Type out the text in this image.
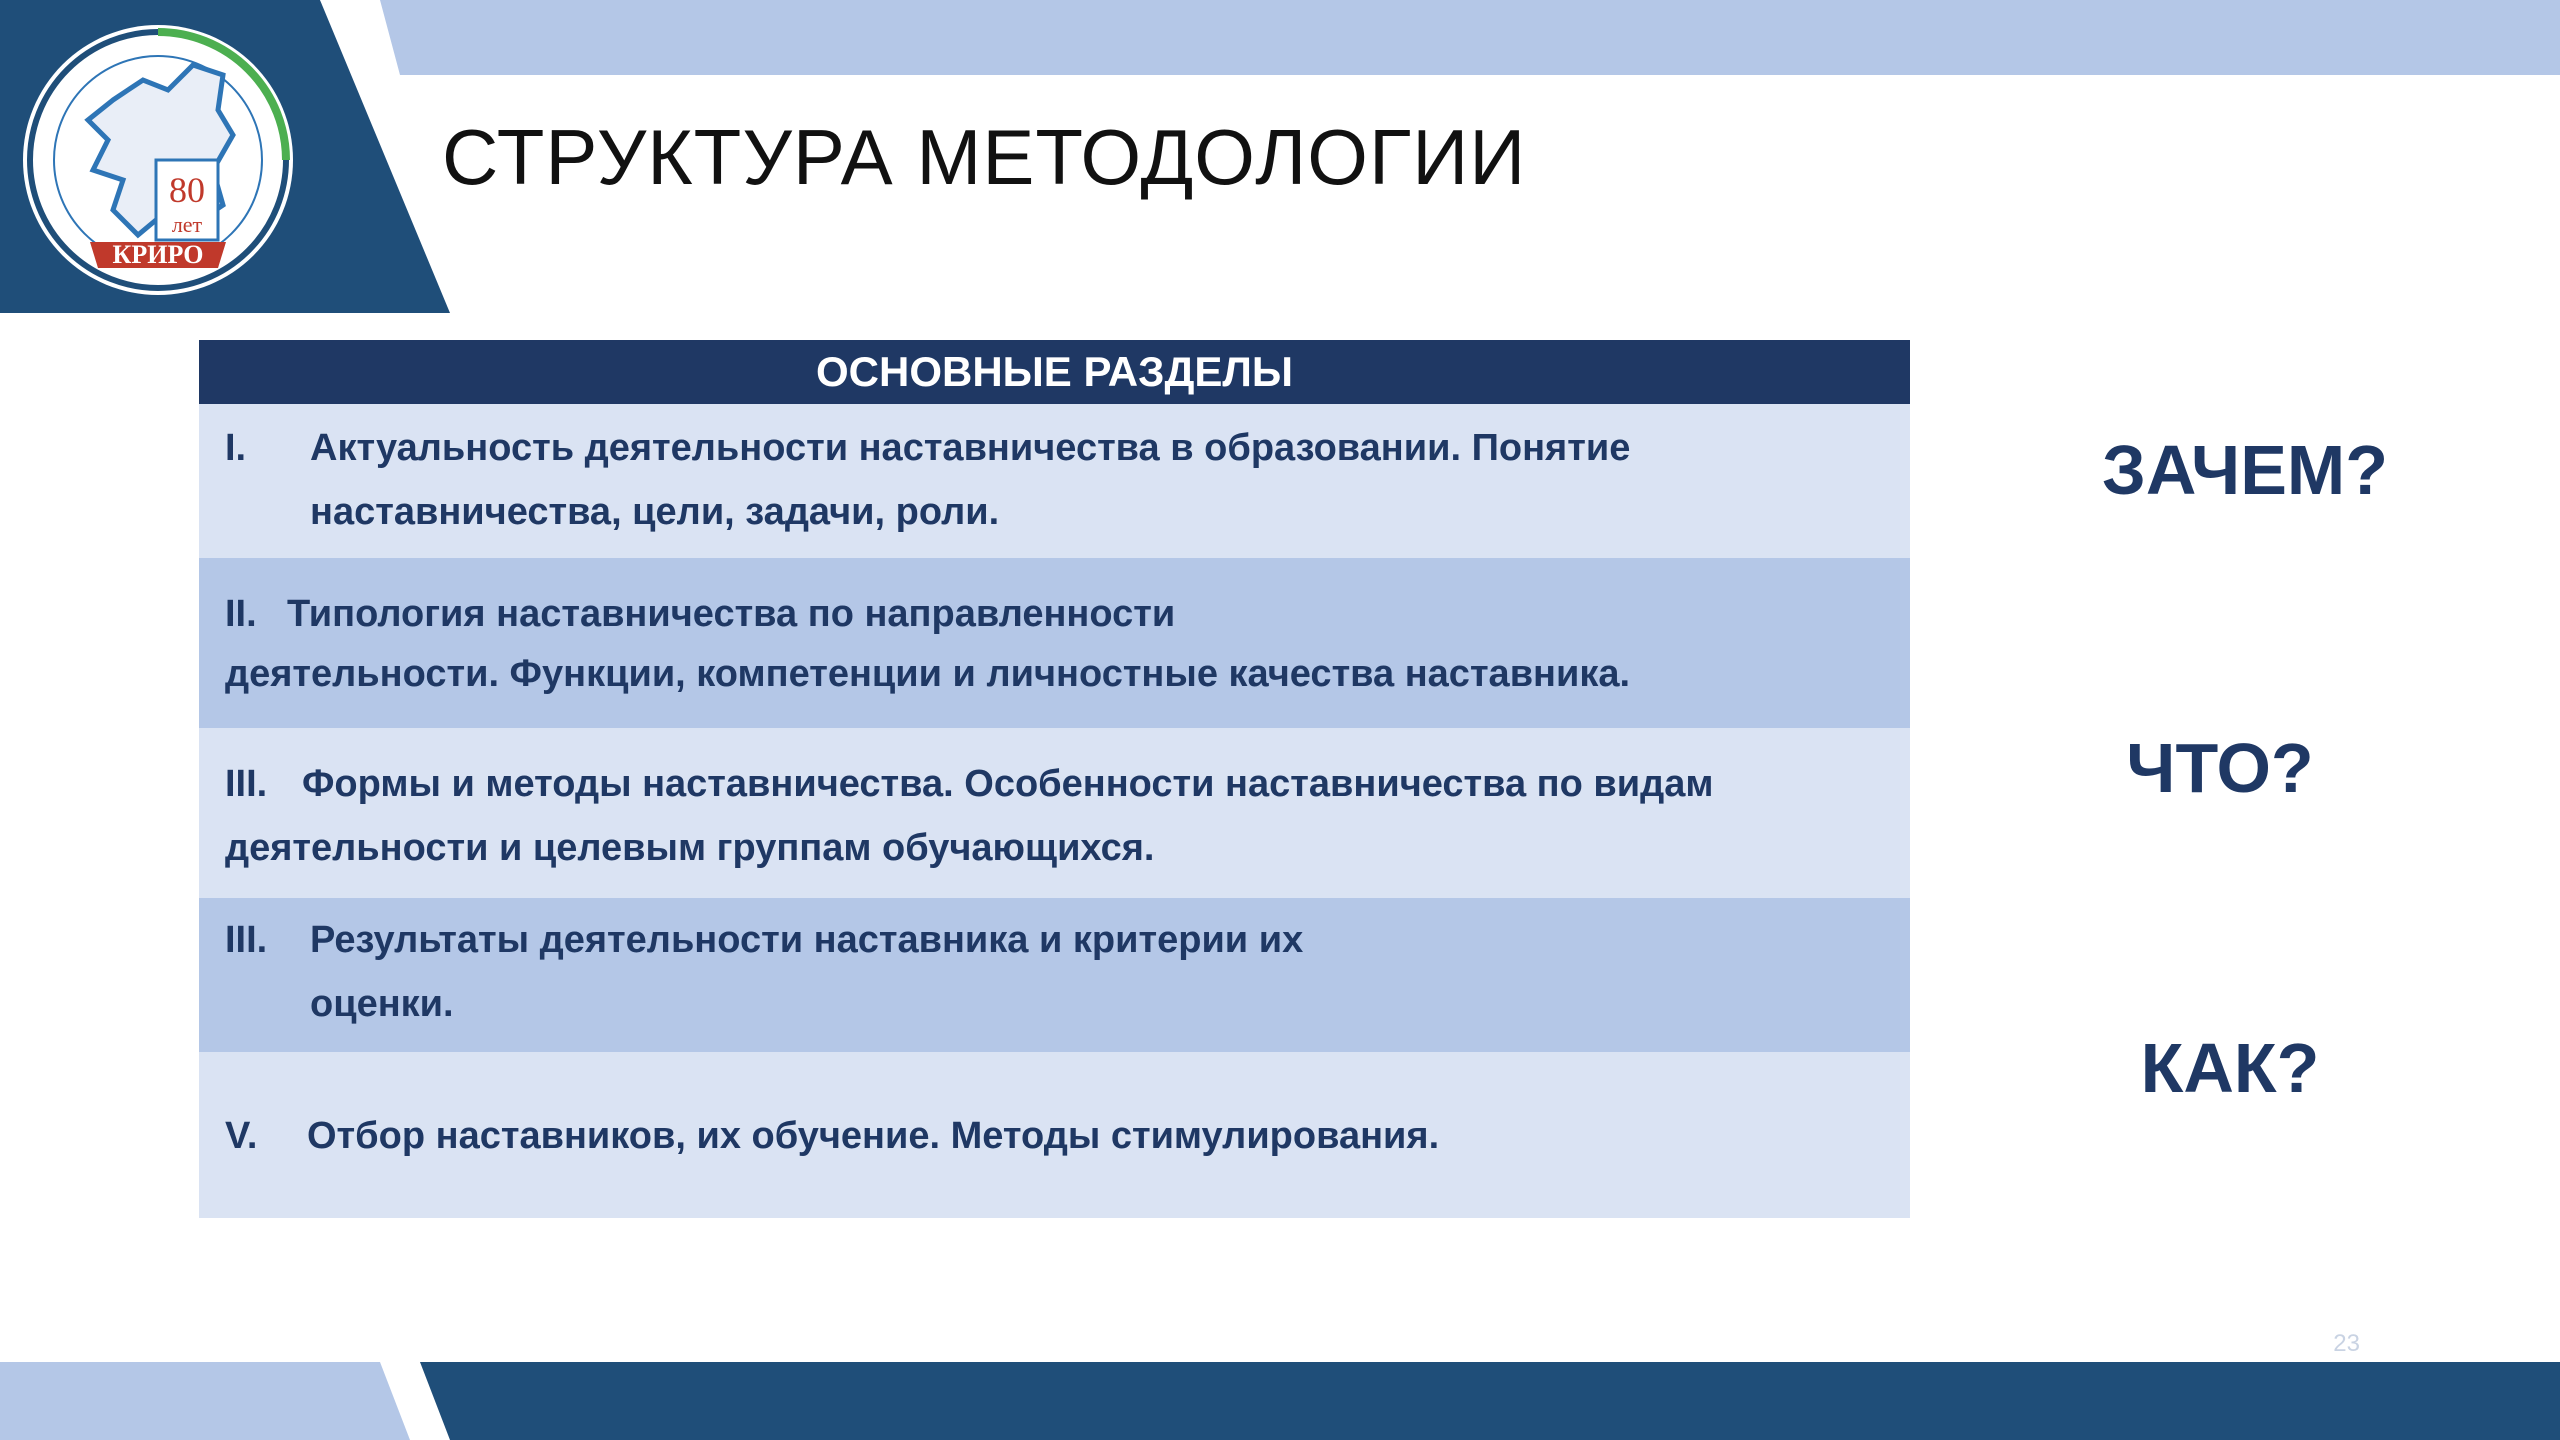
80
лет
КРИРО
СТРУКТУРА МЕТОДОЛОГИИ
ОСНОВНЫЕ РАЗДЕЛЫ
I. Актуальность деятельности наставничества в образовании. Понятие
наставничества, цели, задачи, роли.
II. Типология наставничества по направленности
деятельности. Функции, компетенции и личностные качества наставника.
III. Формы и методы наставничества. Особенности наставничества по видам
деятельности и целевым группам обучающихся.
III. Результаты деятельности наставника и критерии их
оценки.
V. Отбор наставников, их обучение. Методы стимулирования.
ЗАЧЕМ?
ЧТО?
КАК?
23
